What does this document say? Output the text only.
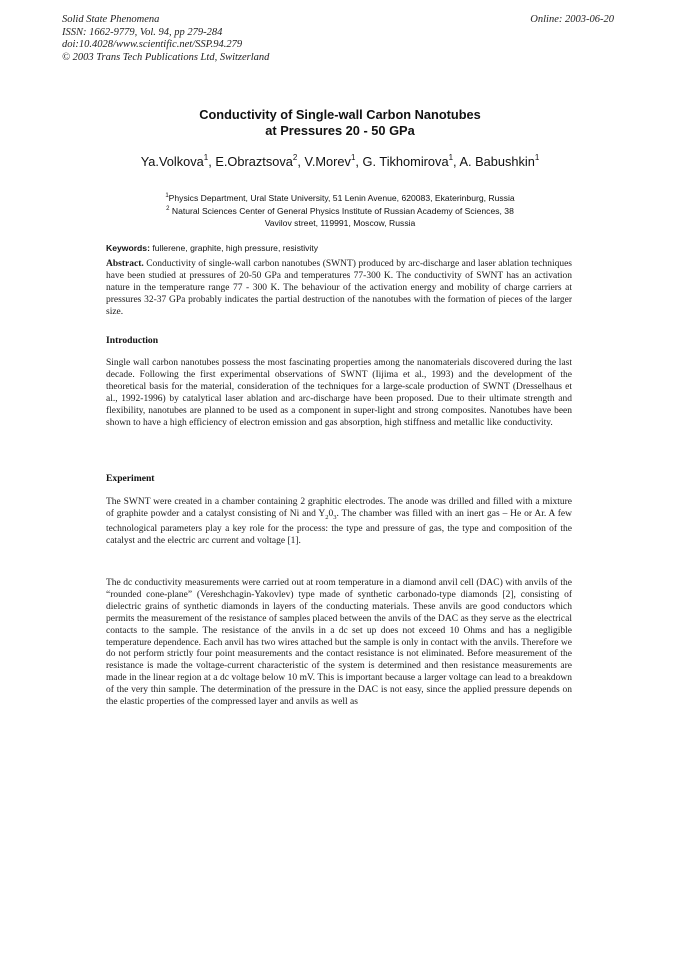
Solid State Phenomena
ISSN: 1662-9779, Vol. 94, pp 279-284
doi:10.4028/www.scientific.net/SSP.94.279
© 2003 Trans Tech Publications Ltd, Switzerland
Online: 2003-06-20
Conductivity of Single-wall Carbon Nanotubes
at Pressures 20 - 50 GPa
Ya.Volkova$^1$, E.Obraztsova$^2$, V.Morev$^1$, G. Tikhomirova$^1$, A. Babushkin$^1$
$^1$Physics Department, Ural State University, 51 Lenin Avenue, 620083, Ekaterinburg, Russia
$^2$ Natural Sciences Center of General Physics Institute of Russian Academy of Sciences, 38
Vavilov street, 119991, Moscow, Russia
Keywords: fullerene, graphite, high pressure, resistivity
Abstract. Conductivity of single-wall carbon nanotubes (SWNT) produced by arc-discharge and laser ablation techniques have been studied at pressures of 20-50 GPa and temperatures 77-300 K. The conductivity of SWNT has an activation nature in the temperature range 77 - 300 K. The behaviour of the activation energy and mobility of charge carriers at pressures 32-37 GPa probably indicates the partial destruction of the nanotubes with the formation of pieces of the larger size.
Introduction
Single wall carbon nanotubes possess the most fascinating properties among the nanomaterials discovered during the last decade. Following the first experimental observations of SWNT (Iijima et al., 1993) and the development of the theoretical basis for the material, consideration of the techniques for a large-scale production of SWNT (Dresselhaus et al., 1992-1996) by catalytical laser ablation and arc-discharge have been proposed. Due to their ultimate strength and flexibility, nanotubes are planned to be used as a component in super-light and strong composites. Nanotubes have been shown to have a high efficiency of electron emission and gas absorption, high stiffness and metallic like conductivity.
Experiment
The SWNT were created in a chamber containing 2 graphitic electrodes. The anode was drilled and filled with a mixture of graphite powder and a catalyst consisting of Ni and $Y_20_3$. The chamber was filled with an inert gas – He or Ar. A few technological parameters play a key role for the process: the type and pressure of gas, the type and composition of the catalyst and the electric arc current and voltage [1].
The dc conductivity measurements were carried out at room temperature in a diamond anvil cell (DAC) with anvils of the “rounded cone-plane” (Vereshchagin-Yakovlev) type made of synthetic carbonado-type diamonds [2], consisting of dielectric grains of synthetic diamonds in layers of the conducting materials. These anvils are good conductors which permits the measurement of the resistance of samples placed between the anvils of the DAC as they serve as the electrical contacts to the sample. The resistance of the anvils in a dc set up does not exceed 10 Ohms and has a negligible temperature dependence. Each anvil has two wires attached but the sample is only in contact with the anvils. Therefore we do not perform strictly four point measurements and the contact resistance is not eliminated. Before measurement of the resistance is made the voltage-current characteristic of the system is determined and then resistance measurements are made in the linear region at a dc voltage below 10 mV. This is important because a larger voltage can lead to a breakdown of the very thin sample. The determination of the pressure in the DAC is not easy, since the applied pressure depends on the elastic properties of the compressed layer and anvils as well as
